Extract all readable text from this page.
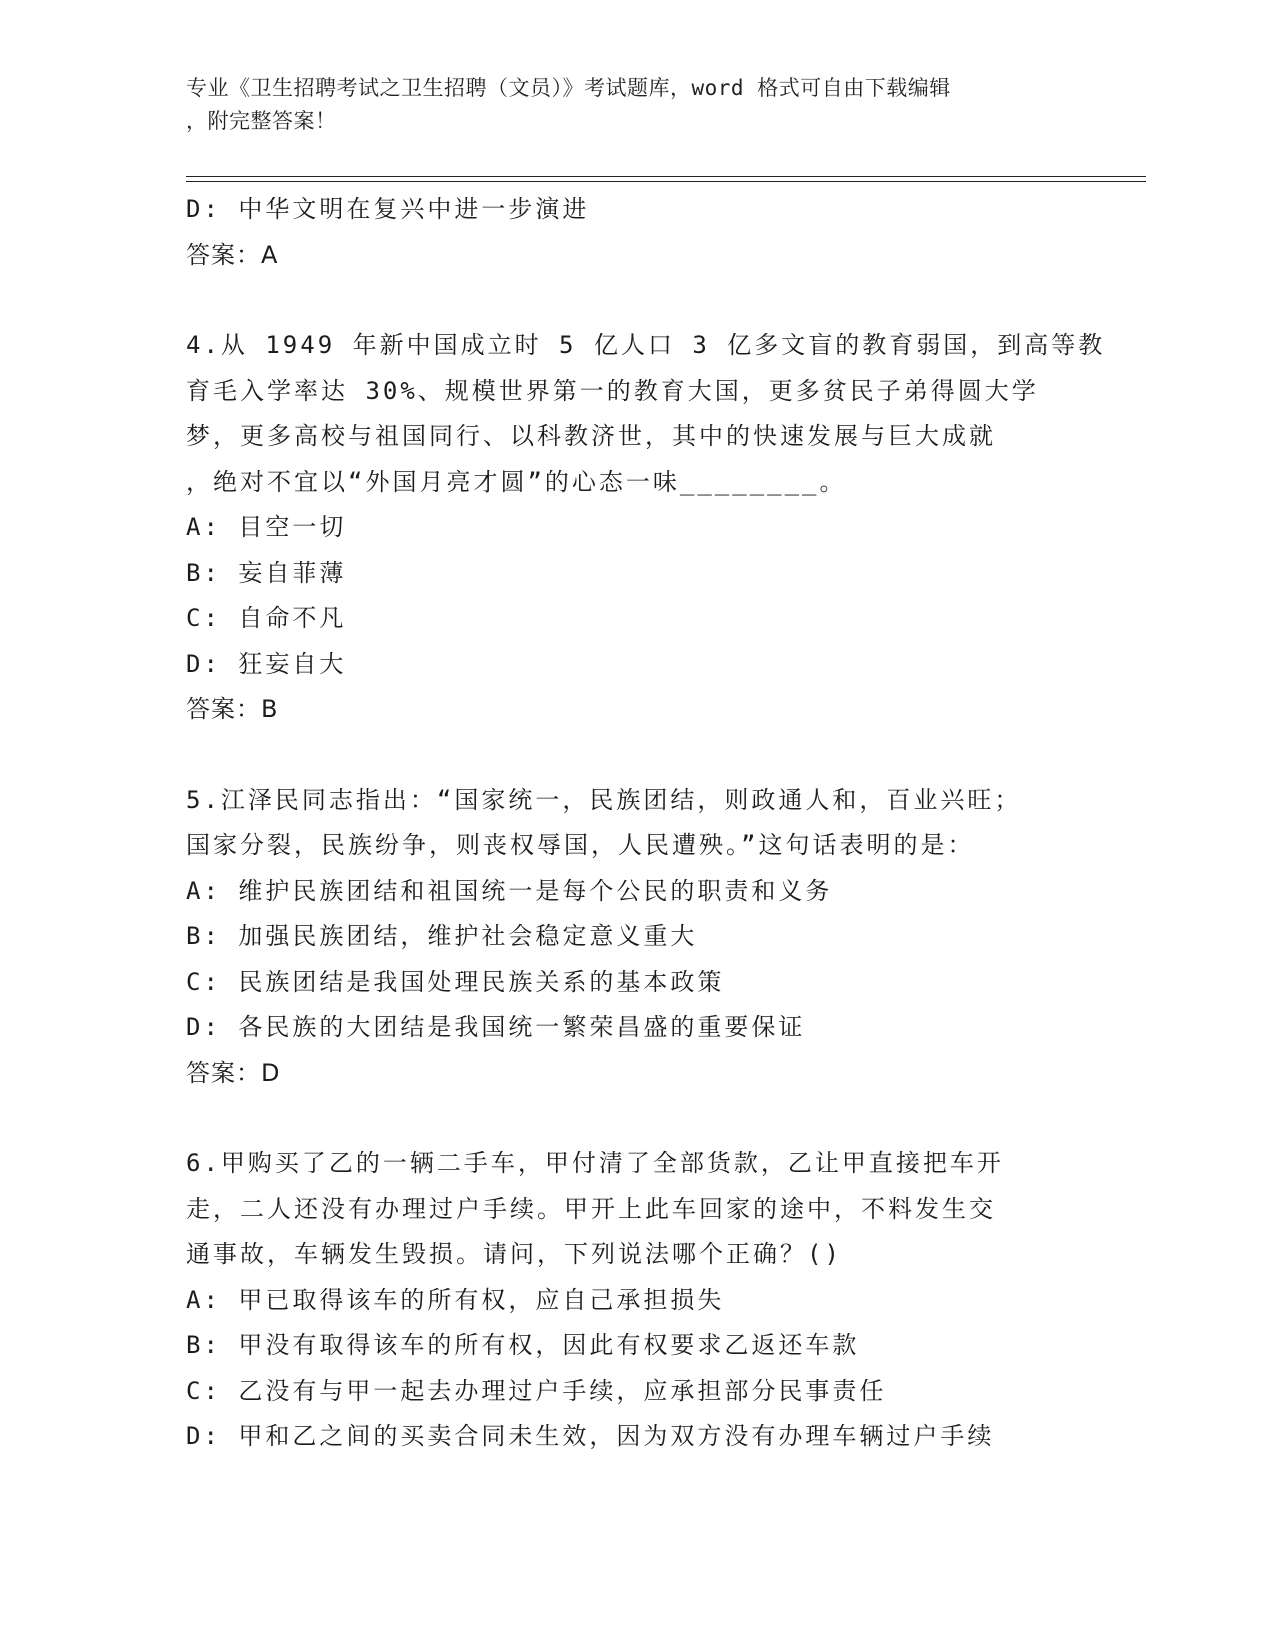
专业《卫生招聘考试之卫生招聘（文员）》考试题库，word 格式可自由下载编辑
，附完整答案！
D: 中华文明在复兴中进一步演进
答案：A
4.从 1949 年新中国成立时 5 亿人口 3 亿多文盲的教育弱国，到高等教
育毛入学率达 30%、规模世界第一的教育大国，更多贫民子弟得圆大学
梦，更多高校与祖国同行、以科教济世，其中的快速发展与巨大成就
，绝对不宜以“外国月亮才圆”的心态一味________。
A: 目空一切
B: 妄自菲薄
C: 自命不凡
D: 狂妄自大
答案：B
5.江泽民同志指出：“国家统一，民族团结，则政通人和，百业兴旺；
国家分裂，民族纷争，则丧权辱国，人民遭殃。”这句话表明的是：
A: 维护民族团结和祖国统一是每个公民的职责和义务
B: 加强民族团结，维护社会稳定意义重大
C: 民族团结是我国处理民族关系的基本政策
D: 各民族的大团结是我国统一繁荣昌盛的重要保证
答案：D
6.甲购买了乙的一辆二手车，甲付清了全部货款，乙让甲直接把车开
走，二人还没有办理过户手续。甲开上此车回家的途中，不料发生交
通事故，车辆发生毁损。请问，下列说法哪个正确？()
A: 甲已取得该车的所有权，应自己承担损失
B: 甲没有取得该车的所有权，因此有权要求乙返还车款
C: 乙没有与甲一起去办理过户手续，应承担部分民事责任
D: 甲和乙之间的买卖合同未生效，因为双方没有办理车辆过户手续
